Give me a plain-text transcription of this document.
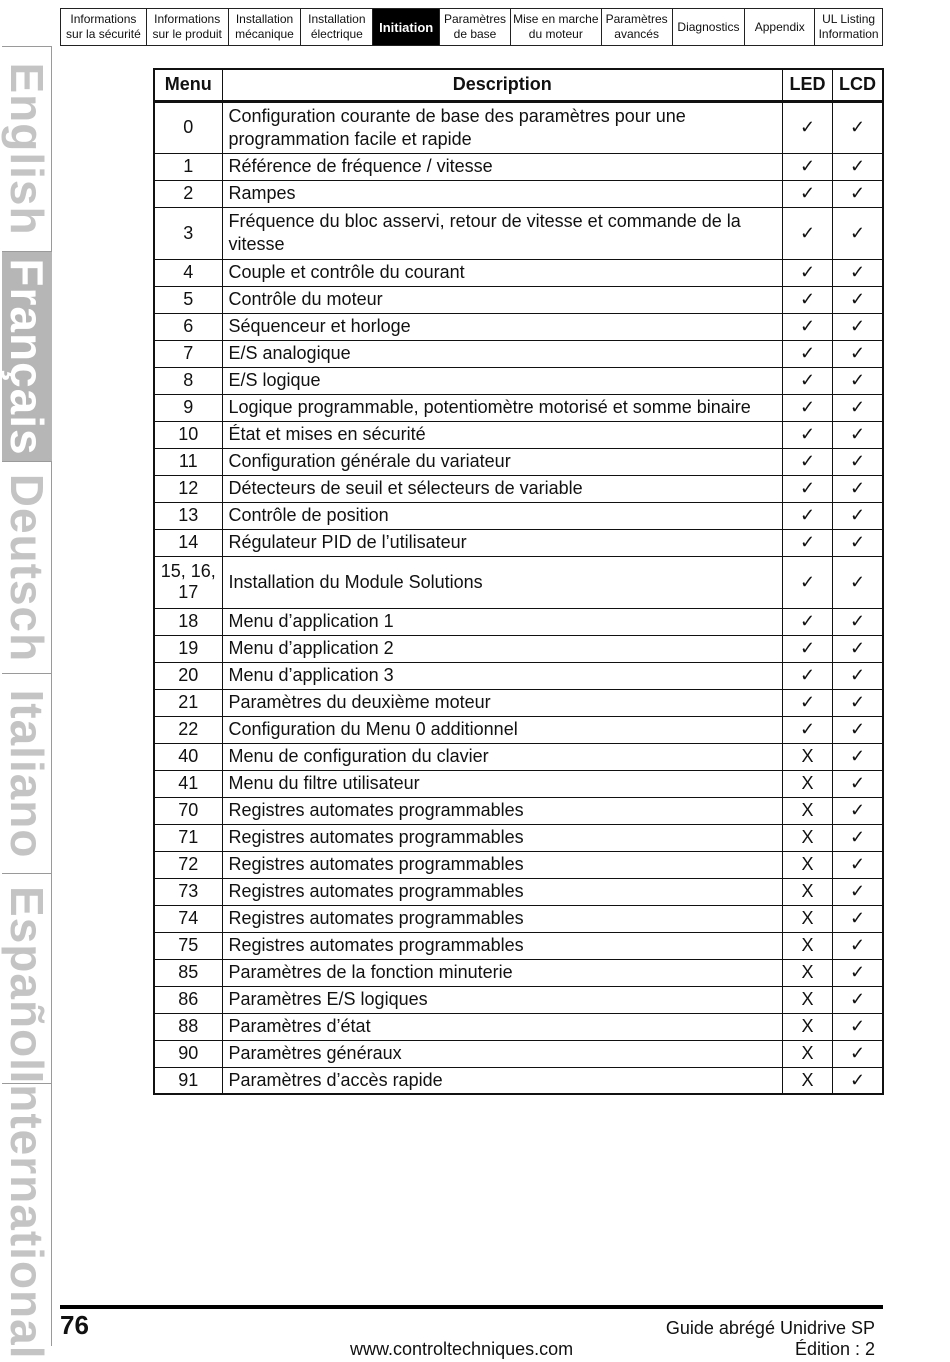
Informations
sur la sécurité
Informations
sur le produit
Installation
mécanique
Installation
électrique Initiation
Paramètres
de base
Mise en marche
du moteur
Paramètres
avancés
Diagnostics Appendix
UL Listing
Information
English
Français
Deutsch
Italiano
Español
International
Menu	Description	LED	LCD
0	Configuration courante de base des paramètres pour une programmation facile et rapide	✓	✓
1	Référence de fréquence / vitesse	✓	✓
2	Rampes	✓	✓
3	Fréquence du bloc asservi, retour de vitesse et commande de la vitesse	✓	✓
4	Couple et contrôle du courant	✓	✓
5	Contrôle du moteur	✓	✓
6	Séquenceur et horloge	✓	✓
7	E/S analogique	✓	✓
8	E/S logique	✓	✓
9	Logique programmable, potentiomètre motorisé et somme binaire	✓	✓
10	État et mises en sécurité	✓	✓
11	Configuration générale du variateur	✓	✓
12	Détecteurs de seuil et sélecteurs de variable	✓	✓
13	Contrôle de position	✓	✓
14	Régulateur PID de l’utilisateur	✓	✓
15, 16, 17	Installation du Module Solutions	✓	✓
18	Menu d’application 1	✓	✓
19	Menu d’application 2	✓	✓
20	Menu d’application 3	✓	✓
21	Paramètres du deuxième moteur	✓	✓
22	Configuration du Menu 0 additionnel	✓	✓
40	Menu de configuration du clavier	X	✓
41	Menu du filtre utilisateur	X	✓
70	Registres automates programmables	X	✓
71	Registres automates programmables	X	✓
72	Registres automates programmables	X	✓
73	Registres automates programmables	X	✓
74	Registres automates programmables	X	✓
75	Registres automates programmables	X	✓
85	Paramètres de la fonction minuterie	X	✓
86	Paramètres E/S logiques	X	✓
88	Paramètres d’état	X	✓
90	Paramètres généraux	X	✓
91	Paramètres d’accès rapide	X	✓
76	Guide abrégé Unidrive SP
www.controltechniques.com	Édition : 2
